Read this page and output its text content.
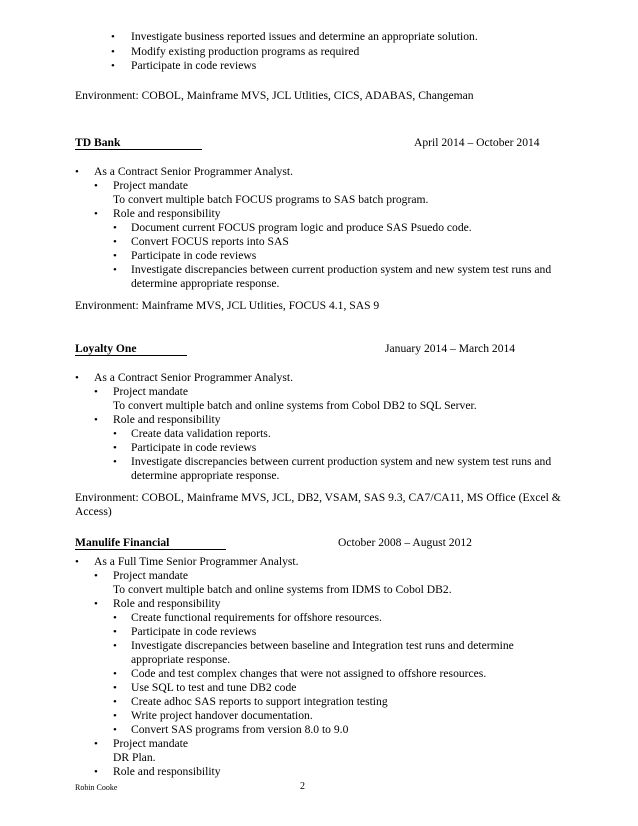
• Investigate business reported issues and determine an appropriate solution.
• Modify existing production programs as required
• Participate in code reviews
Environment: COBOL, Mainframe MVS, JCL Utlities, CICS, ADABAS, Changeman
TD Bank	April 2014 – October 2014
• As a Contract Senior Programmer Analyst.
• Project mandate
To convert multiple batch FOCUS programs to SAS batch program.
• Role and responsibility
• Document current FOCUS program logic and produce SAS Psuedo code.
• Convert FOCUS reports into SAS
• Participate in code reviews
• Investigate discrepancies between current production system and new system test runs and
determine appropriate response.
Environment: Mainframe MVS, JCL Utlities, FOCUS 4.1, SAS 9
Loyalty One	January 2014 – March 2014
• As a Contract Senior Programmer Analyst.
• Project mandate
To convert multiple batch and online systems from Cobol DB2 to SQL Server.
• Role and responsibility
• Create data validation reports.
• Participate in code reviews
• Investigate discrepancies between current production system and new system test runs and
determine appropriate response.
Environment: COBOL, Mainframe MVS, JCL, DB2, VSAM, SAS 9.3, CA7/CA11, MS Office (Excel &
Access)
Manulife Financial	October 2008 – August 2012
• As a Full Time Senior Programmer Analyst.
• Project mandate
To convert multiple batch and online systems from IDMS to Cobol DB2.
• Role and responsibility
• Create functional requirements for offshore resources.
• Participate in code reviews
• Investigate discrepancies between baseline and Integration test runs and determine
appropriate response.
• Code and test complex changes that were not assigned to offshore resources.
• Use SQL to test and tune DB2 code
• Create adhoc SAS reports to support integration testing
• Write project handover documentation.
• Convert SAS programs from version 8.0 to 9.0
• Project mandate
DR Plan.
• Role and responsibility
Robin Cooke	2
